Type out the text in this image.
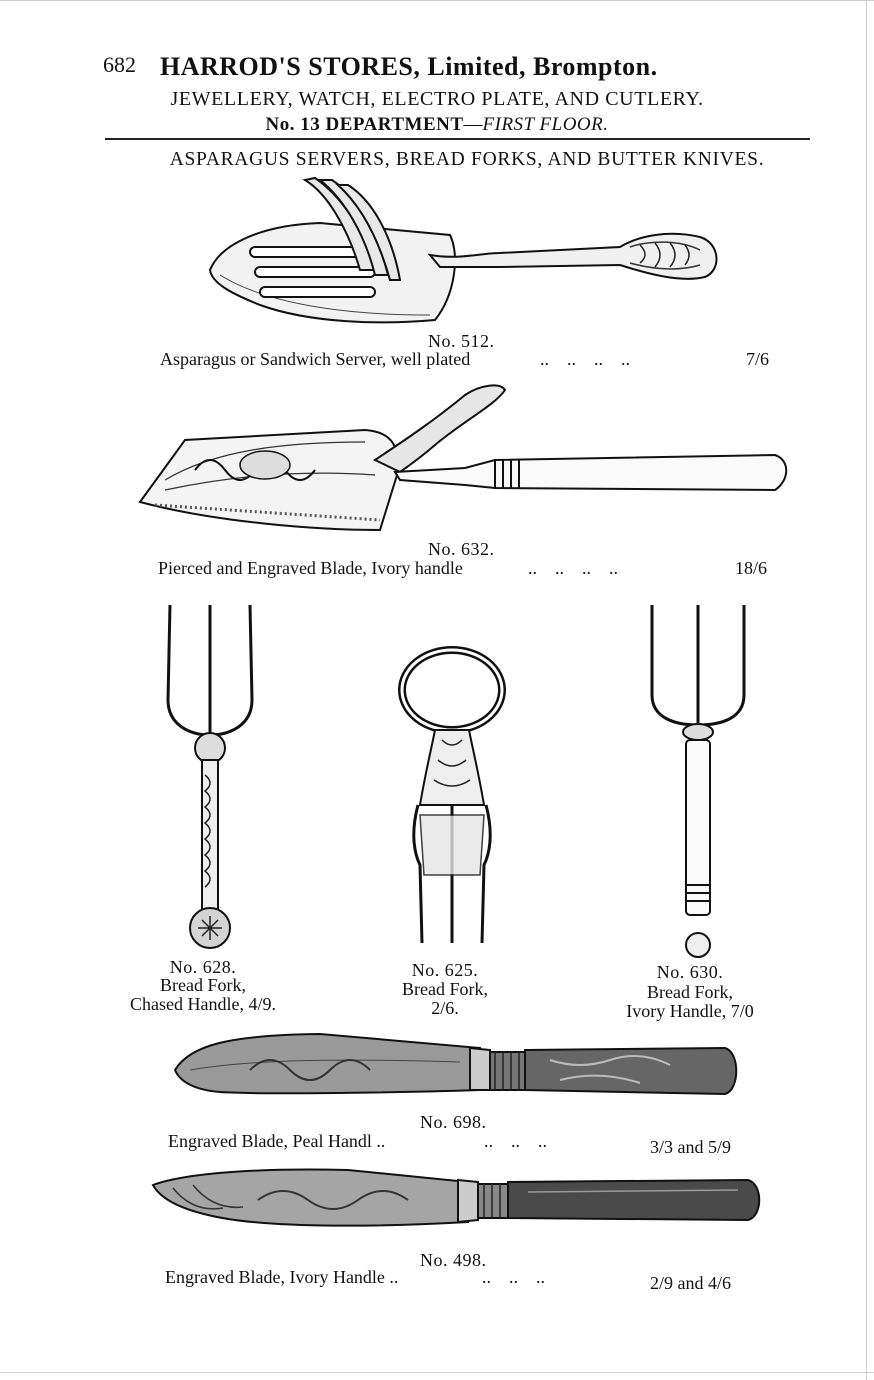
682 HARROD'S STORES, Limited, Brompton.
JEWELLERY, WATCH, ELECTRO PLATE, AND CUTLERY.
No. 13 DEPARTMENT—FIRST FLOOR.
ASPARAGUS SERVERS, BREAD FORKS, AND BUTTER KNIVES.
No. 512.
Asparagus or Sandwich Server, well plated	..    ..    ..    ..	7/6
No. 632.
Pierced and Engraved Blade, Ivory handle	..    ..    ..    ..	18/6
No. 628.
Bread Fork,
Chased Handle, 4/9.
No. 625.
Bread Fork,
2/6.
No. 630.
Bread Fork,
Ivory Handle, 7/0
No. 698.
Engraved Blade, Peal Handl ..	..    ..    ..	3/3 and 5/9
No. 498.
Engraved Blade, Ivory Handle ..	..    ..    ..	2/9 and 4/6
